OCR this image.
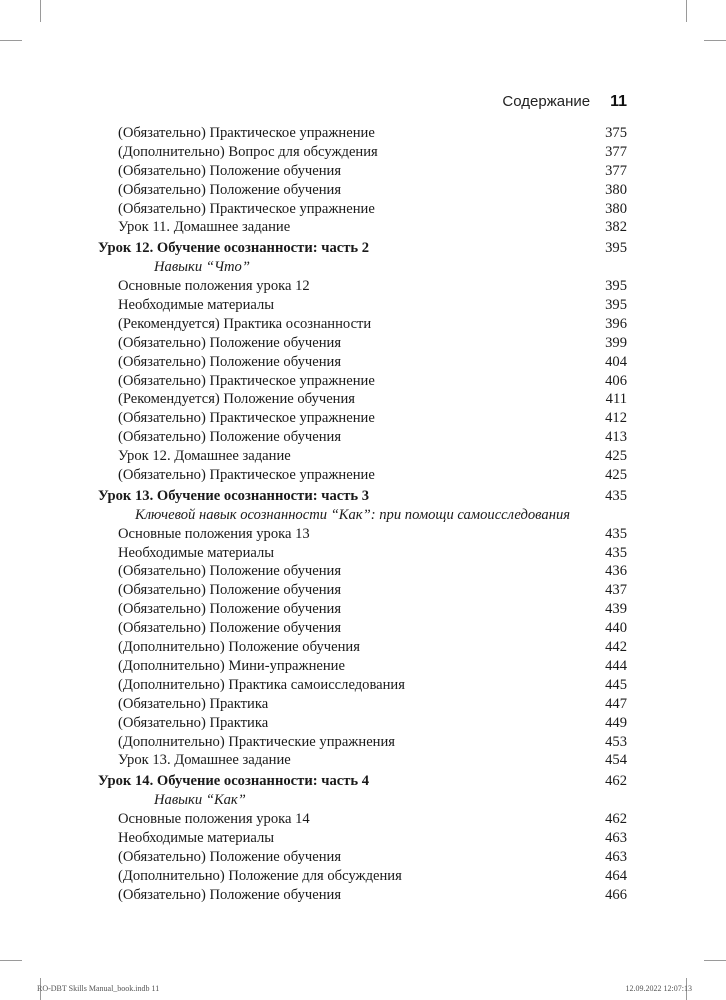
Содержание 11
(Обязательно) Практическое упражнение	375
(Дополнительно) Вопрос для обсуждения	377
(Обязательно) Положение обучения	377
(Обязательно) Положение обучения	380
(Обязательно) Практическое упражнение	380
Урок 11. Домашнее задание	382
Урок 12. Обучение осознанности: часть 2	395
Навыки “Что”
Основные положения урока 12	395
Необходимые материалы	395
(Рекомендуется) Практика осознанности	396
(Обязательно) Положение обучения	399
(Обязательно) Положение обучения	404
(Обязательно) Практическое упражнение	406
(Рекомендуется) Положение обучения	411
(Обязательно) Практическое упражнение	412
(Обязательно) Положение обучения	413
Урок 12. Домашнее задание	425
(Обязательно) Практическое упражнение	425
Урок 13. Обучение осознанности: часть 3	435
Ключевой навык осознанности “Как”: при помощи самоисследования
Основные положения урока 13	435
Необходимые материалы	435
(Обязательно) Положение обучения	436
(Обязательно) Положение обучения	437
(Обязательно) Положение обучения	439
(Обязательно) Положение обучения	440
(Дополнительно) Положение обучения	442
(Дополнительно) Мини-упражнение	444
(Дополнительно) Практика самоисследования	445
(Обязательно) Практика	447
(Обязательно) Практика	449
(Дополнительно) Практические упражнения	453
Урок 13. Домашнее задание	454
Урок 14. Обучение осознанности: часть 4	462
Навыки “Как”
Основные положения урока 14	462
Необходимые материалы	463
(Обязательно) Положение обучения	463
(Дополнительно) Положение для обсуждения	464
(Обязательно) Положение обучения	466
RO-DBT Skills Manual_book.indb 11	12.09.2022 12:07:13
